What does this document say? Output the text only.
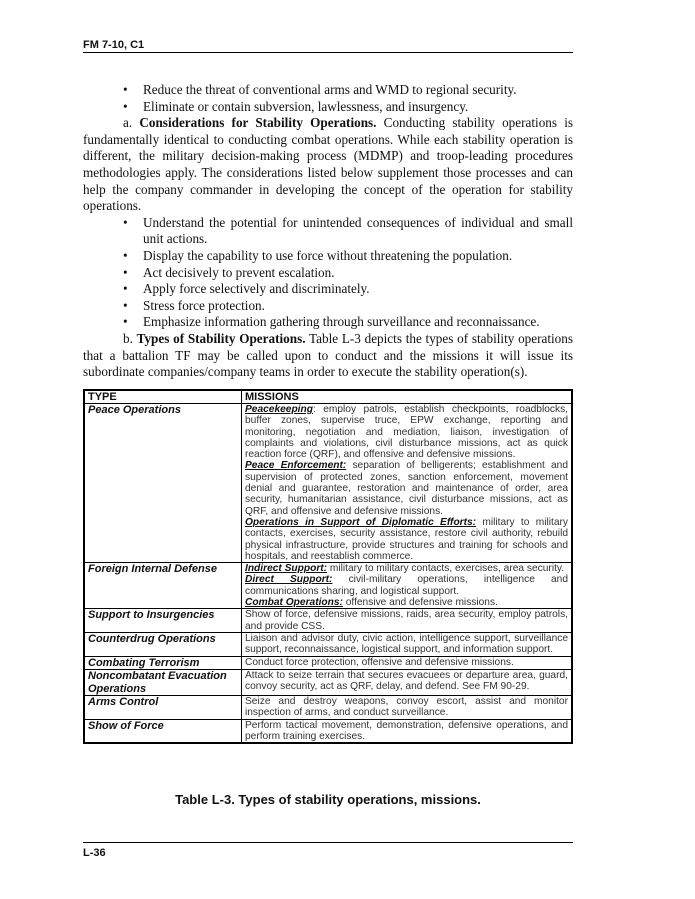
FM 7-10, C1
• Reduce the threat of conventional arms and WMD to regional security.
• Eliminate or contain subversion, lawlessness, and insurgency.

a. Considerations for Stability Operations. Conducting stability operations is fundamentally identical to conducting combat operations. While each stability operation is different, the military decision-making process (MDMP) and troop-leading procedures methodologies apply. The considerations listed below supplement those processes and can help the company commander in developing the concept of the operation for stability operations.

• Understand the potential for unintended consequences of individual and small unit actions.
• Display the capability to use force without threatening the population.
• Act decisively to prevent escalation.
• Apply force selectively and discriminately.
• Stress force protection.
• Emphasize information gathering through surveillance and reconnaissance.

b. Types of Stability Operations. Table L-3 depicts the types of stability operations that a battalion TF may be called upon to conduct and the missions it will issue its subordinate companies/company teams in order to execute the stability operation(s).

TYPE	MISSIONS
Peace Operations	Peacekeeping: employ patrols, establish checkpoints, roadblocks, buffer zones, supervise truce, EPW exchange, reporting and monitoring, negotiation and mediation, liaison, investigation of complaints and violations, civil disturbance missions, act as quick reaction force (QRF), and offensive and defensive missions.
Peace Enforcement: separation of belligerents; establishment and supervision of protected zones, sanction enforcement, movement denial and guarantee, restoration and maintenance of order, area security, humanitarian assistance, civil disturbance missions, act as QRF, and offensive and defensive missions.
Operations in Support of Diplomatic Efforts: military to military contacts, exercises, security assistance, restore civil authority, rebuild physical infrastructure, provide structures and training for schools and hospitals, and reestablish commerce.

Foreign Internal Defense	Indirect Support: military to military contacts, exercises, area security.
Direct Support: civil-military operations, intelligence and communications sharing, and logistical support.
Combat Operations: offensive and defensive missions.

Support to Insurgencies	Show of force, defensive missions, raids, area security, employ patrols, and provide CSS.

Counterdrug Operations	Liaison and advisor duty, civic action, intelligence support, surveillance support, reconnaissance, logistical support, and information support.

Combating Terrorism	Conduct force protection, offensive and defensive missions.

Noncombatant Evacuation Operations	Attack to seize terrain that secures evacuees or departure area, guard, convoy security, act as QRF, delay, and defend. See FM 90-29.

Arms Control	Seize and destroy weapons, convoy escort, assist and monitor inspection of arms, and conduct surveillance.

Show of Force	Perform tactical movement, demonstration, defensive operations, and perform training exercises.
Table L-3. Types of stability operations, missions.
L-36
